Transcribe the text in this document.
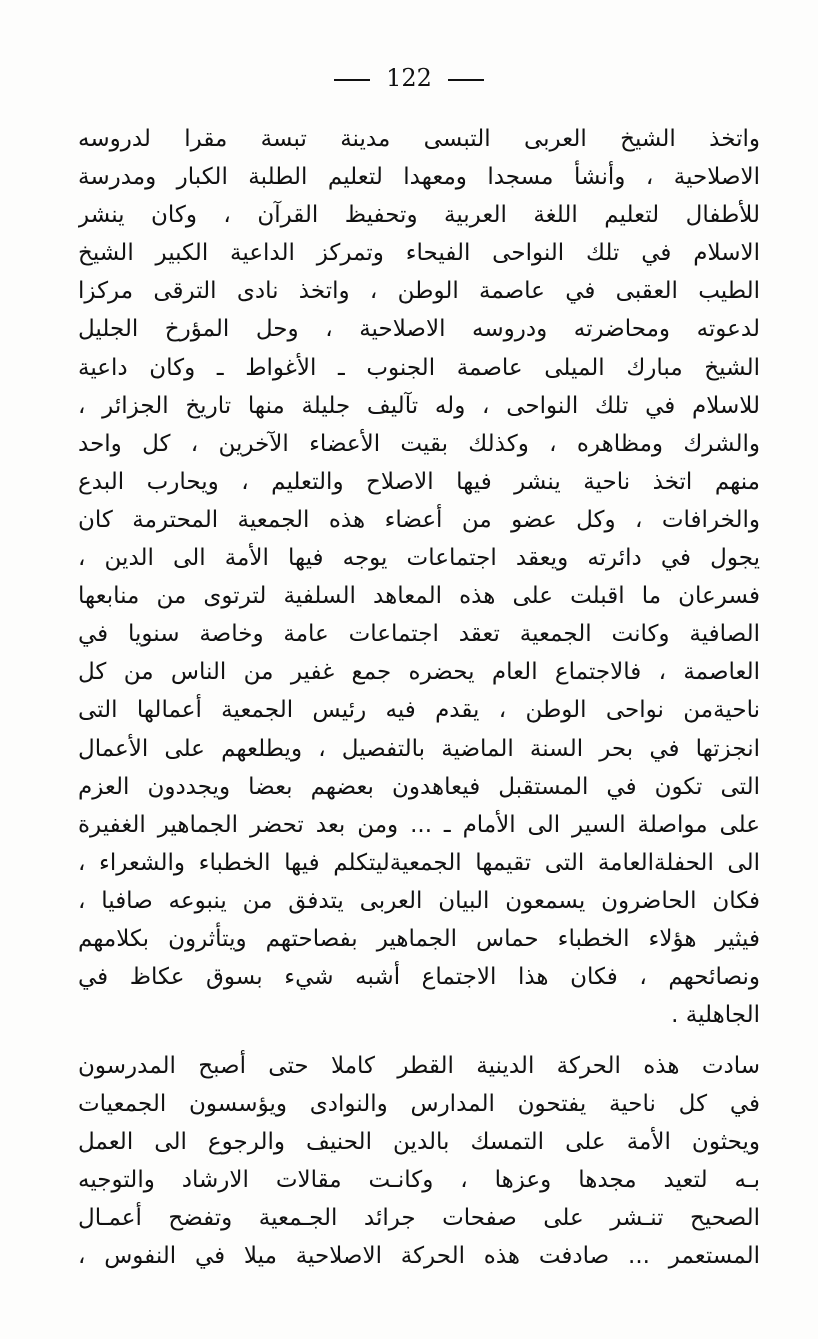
122
واتخذ الشيخ العربى التبسى مدينة تبسة مقرا لدروسه
الاصلاحية ، وأنشأ مسجدا ومعهدا لتعليم الطلبة الكبار ومدرسة
للأطفال لتعليم اللغة العربية وتحفيظ القرآن ، وكان ينشر
الاسلام في تلك النواحى الفيحاء وتمركز الداعية الكبير الشيخ
الطيب العقبى في عاصمة الوطن ، واتخذ نادى الترقى مركزا
لدعوته ومحاضرته ودروسه الاصلاحية ، وحل المؤرخ الجليل
الشيخ مبارك الميلى عاصمة الجنوب ـ الأغواط ـ وكان داعية
للاسلام في تلك النواحى ، وله تآليف جليلة منها تاريخ الجزائر ،
والشرك ومظاهره ، وكذلك بقيت الأعضاء الآخرين ، كل واحد
منهم اتخذ ناحية ينشر فيها الاصلاح والتعليم ، ويحارب البدع
والخرافات ، وكل عضو من أعضاء هذه الجمعية المحترمة كان
يجول في دائرته ويعقد اجتماعات يوجه فيها الأمة الى الدين ،
فسرعان ما اقبلت على هذه المعاهد السلفية لترتوى من منابعها
الصافية وكانت الجمعية تعقد اجتماعات عامة وخاصة سنويا في
العاصمة ، فالاجتماع العام يحضره جمع غفير من الناس من كل
ناحيةمن نواحى الوطن ، يقدم فيه رئيس الجمعية أعمالها التى
انجزتها في بحر السنة الماضية بالتفصيل ، ويطلعهم على الأعمال
التى تكون في المستقبل فيعاهدون بعضهم بعضا ويجددون العزم
على مواصلة السير الى الأمام ـ ... ومن بعد تحضر الجماهير الغفيرة
الى الحفلةالعامة التى تقيمها الجمعيةليتكلم فيها الخطباء والشعراء ،
فكان الحاضرون يسمعون البيان العربى يتدفق من ينبوعه صافيا ،
فيثير هؤلاء الخطباء حماس الجماهير بفصاحتهم ويتأثرون بكلامهم
ونصائحهم ، فكان هذا الاجتماع أشبه شيء بسوق عكاظ في
الجاهلية .
سادت هذه الحركة الدينية القطر كاملا حتى أصبح المدرسون
في كل ناحية يفتحون المدارس والنوادى ويؤسسون الجمعيات
ويحثون الأمة على التمسك بالدين الحنيف والرجوع الى العمل
بـه لتعيد مجدها وعزها ، وكانـت مقالات الارشاد والتوجيه
الصحيح تنـشر على صفحات جرائد الجـمعية وتفضح أعمـال
المستعمر ... صادفت هذه الحركة الاصلاحية ميلا في النفوس ،
